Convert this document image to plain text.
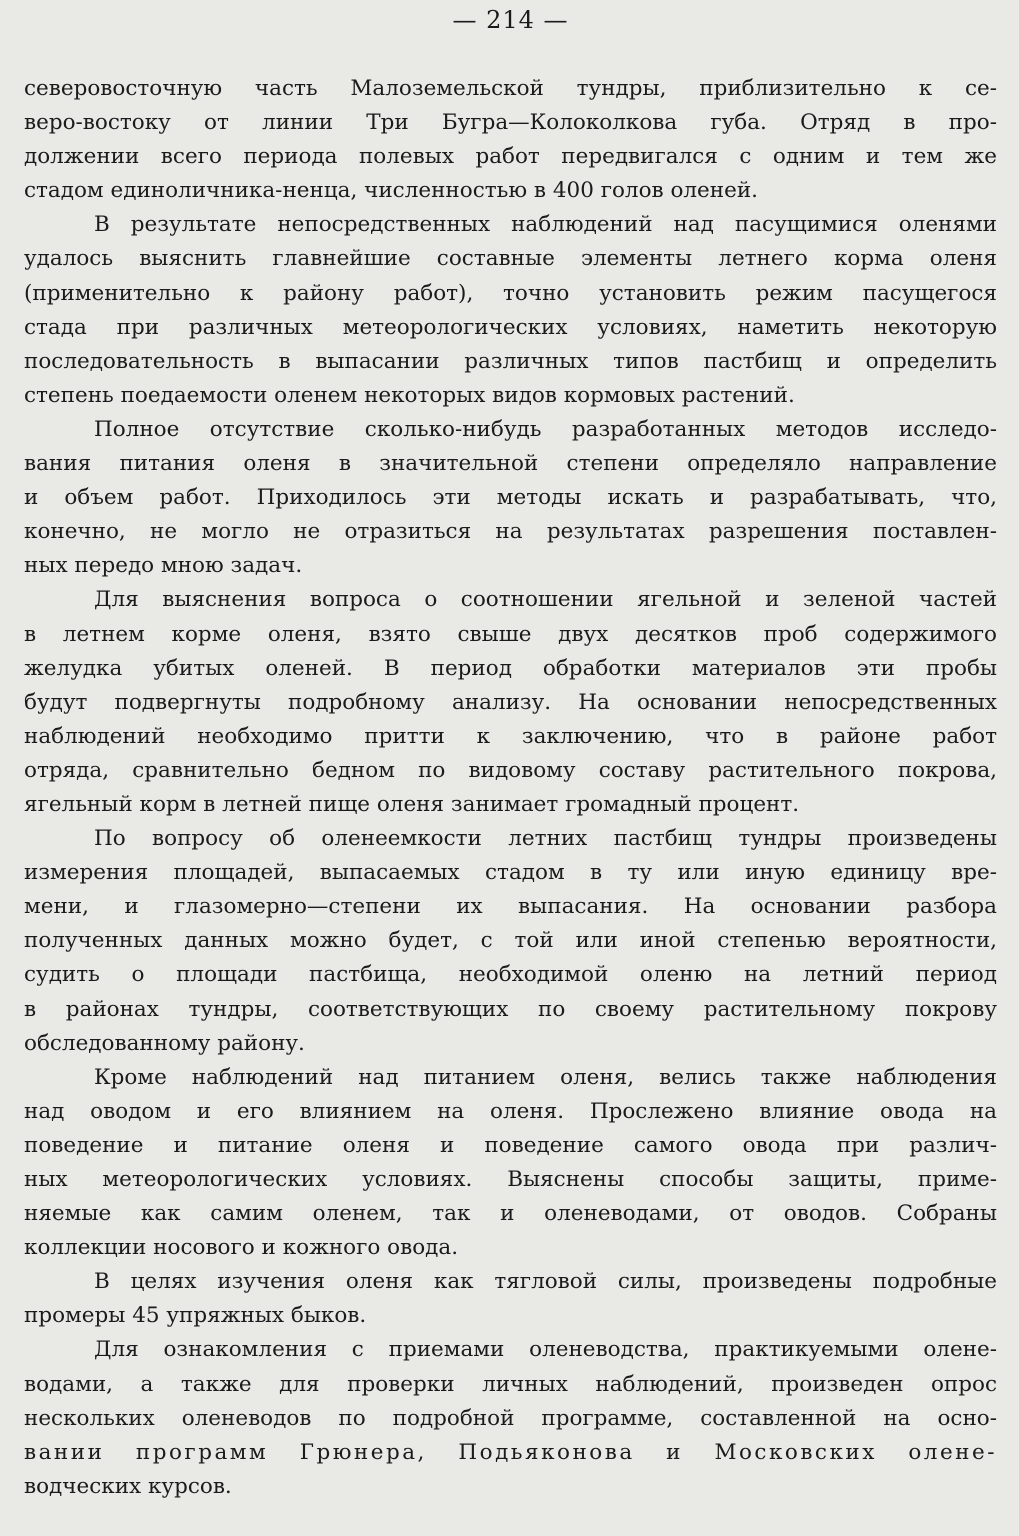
— 214 —
северовосточную часть Малоземельской тундры, приблизительно к се-
веро-востоку от линии Три Бугра—Колоколкова губа. Отряд в про-
должении всего периода полевых работ передвигался с одним и тем же
стадом единоличника-ненца, численностью в 400 голов оленей.
В результате непосредственных наблюдений над пасущимися оленями
удалось выяснить главнейшие составные элементы летнего корма оленя
(применительно к району работ), точно установить режим пасущегося
стада при различных метеорологических условиях, наметить некоторую
последовательность в выпасании различных типов пастбищ и определить
степень поедаемости оленем некоторых видов кормовых растений.
Полное отсутствие сколько-нибудь разработанных методов исследо-
вания питания оленя в значительной степени определяло направление
и объем работ. Приходилось эти методы искать и разрабатывать, что,
конечно, не могло не отразиться на результатах разрешения поставлен-
ных передо мною задач.
Для выяснения вопроса о соотношении ягельной и зеленой частей
в летнем корме оленя, взято свыше двух десятков проб содержимого
желудка убитых оленей. В период обработки материалов эти пробы
будут подвергнуты подробному анализу. На основании непосредственных
наблюдений необходимо притти к заключению, что в районе работ
отряда, сравнительно бедном по видовому составу растительного покрова,
ягельный корм в летней пище оленя занимает громадный процент.
По вопросу об оленеемкости летних пастбищ тундры произведены
измерения площадей, выпасаемых стадом в ту или иную единицу вре-
мени, и глазомерно—степени их выпасания. На основании разбора
полученных данных можно будет, с той или иной степенью вероятности,
судить о площади пастбища, необходимой оленю на летний период
в районах тундры, соответствующих по своему растительному покрову
обследованному району.
Кроме наблюдений над питанием оленя, велись также наблюдения
над оводом и его влиянием на оленя. Прослежено влияние овода на
поведение и питание оленя и поведение самого овода при различ-
ных метеорологических условиях. Выяснены способы защиты, приме-
няемые как самим оленем, так и оленеводами, от оводов. Собраны
коллекции носового и кожного овода.
В целях изучения оленя как тягловой силы, произведены подробные
промеры 45 упряжных быков.
Для ознакомления с приемами оленеводства, практикуемыми олене-
водами, а также для проверки личных наблюдений, произведен опрос
нескольких оленеводов по подробной программе, составленной на осно-
вании программ Грюнера, Подьяконова и Московских олене-
водческих курсов.
